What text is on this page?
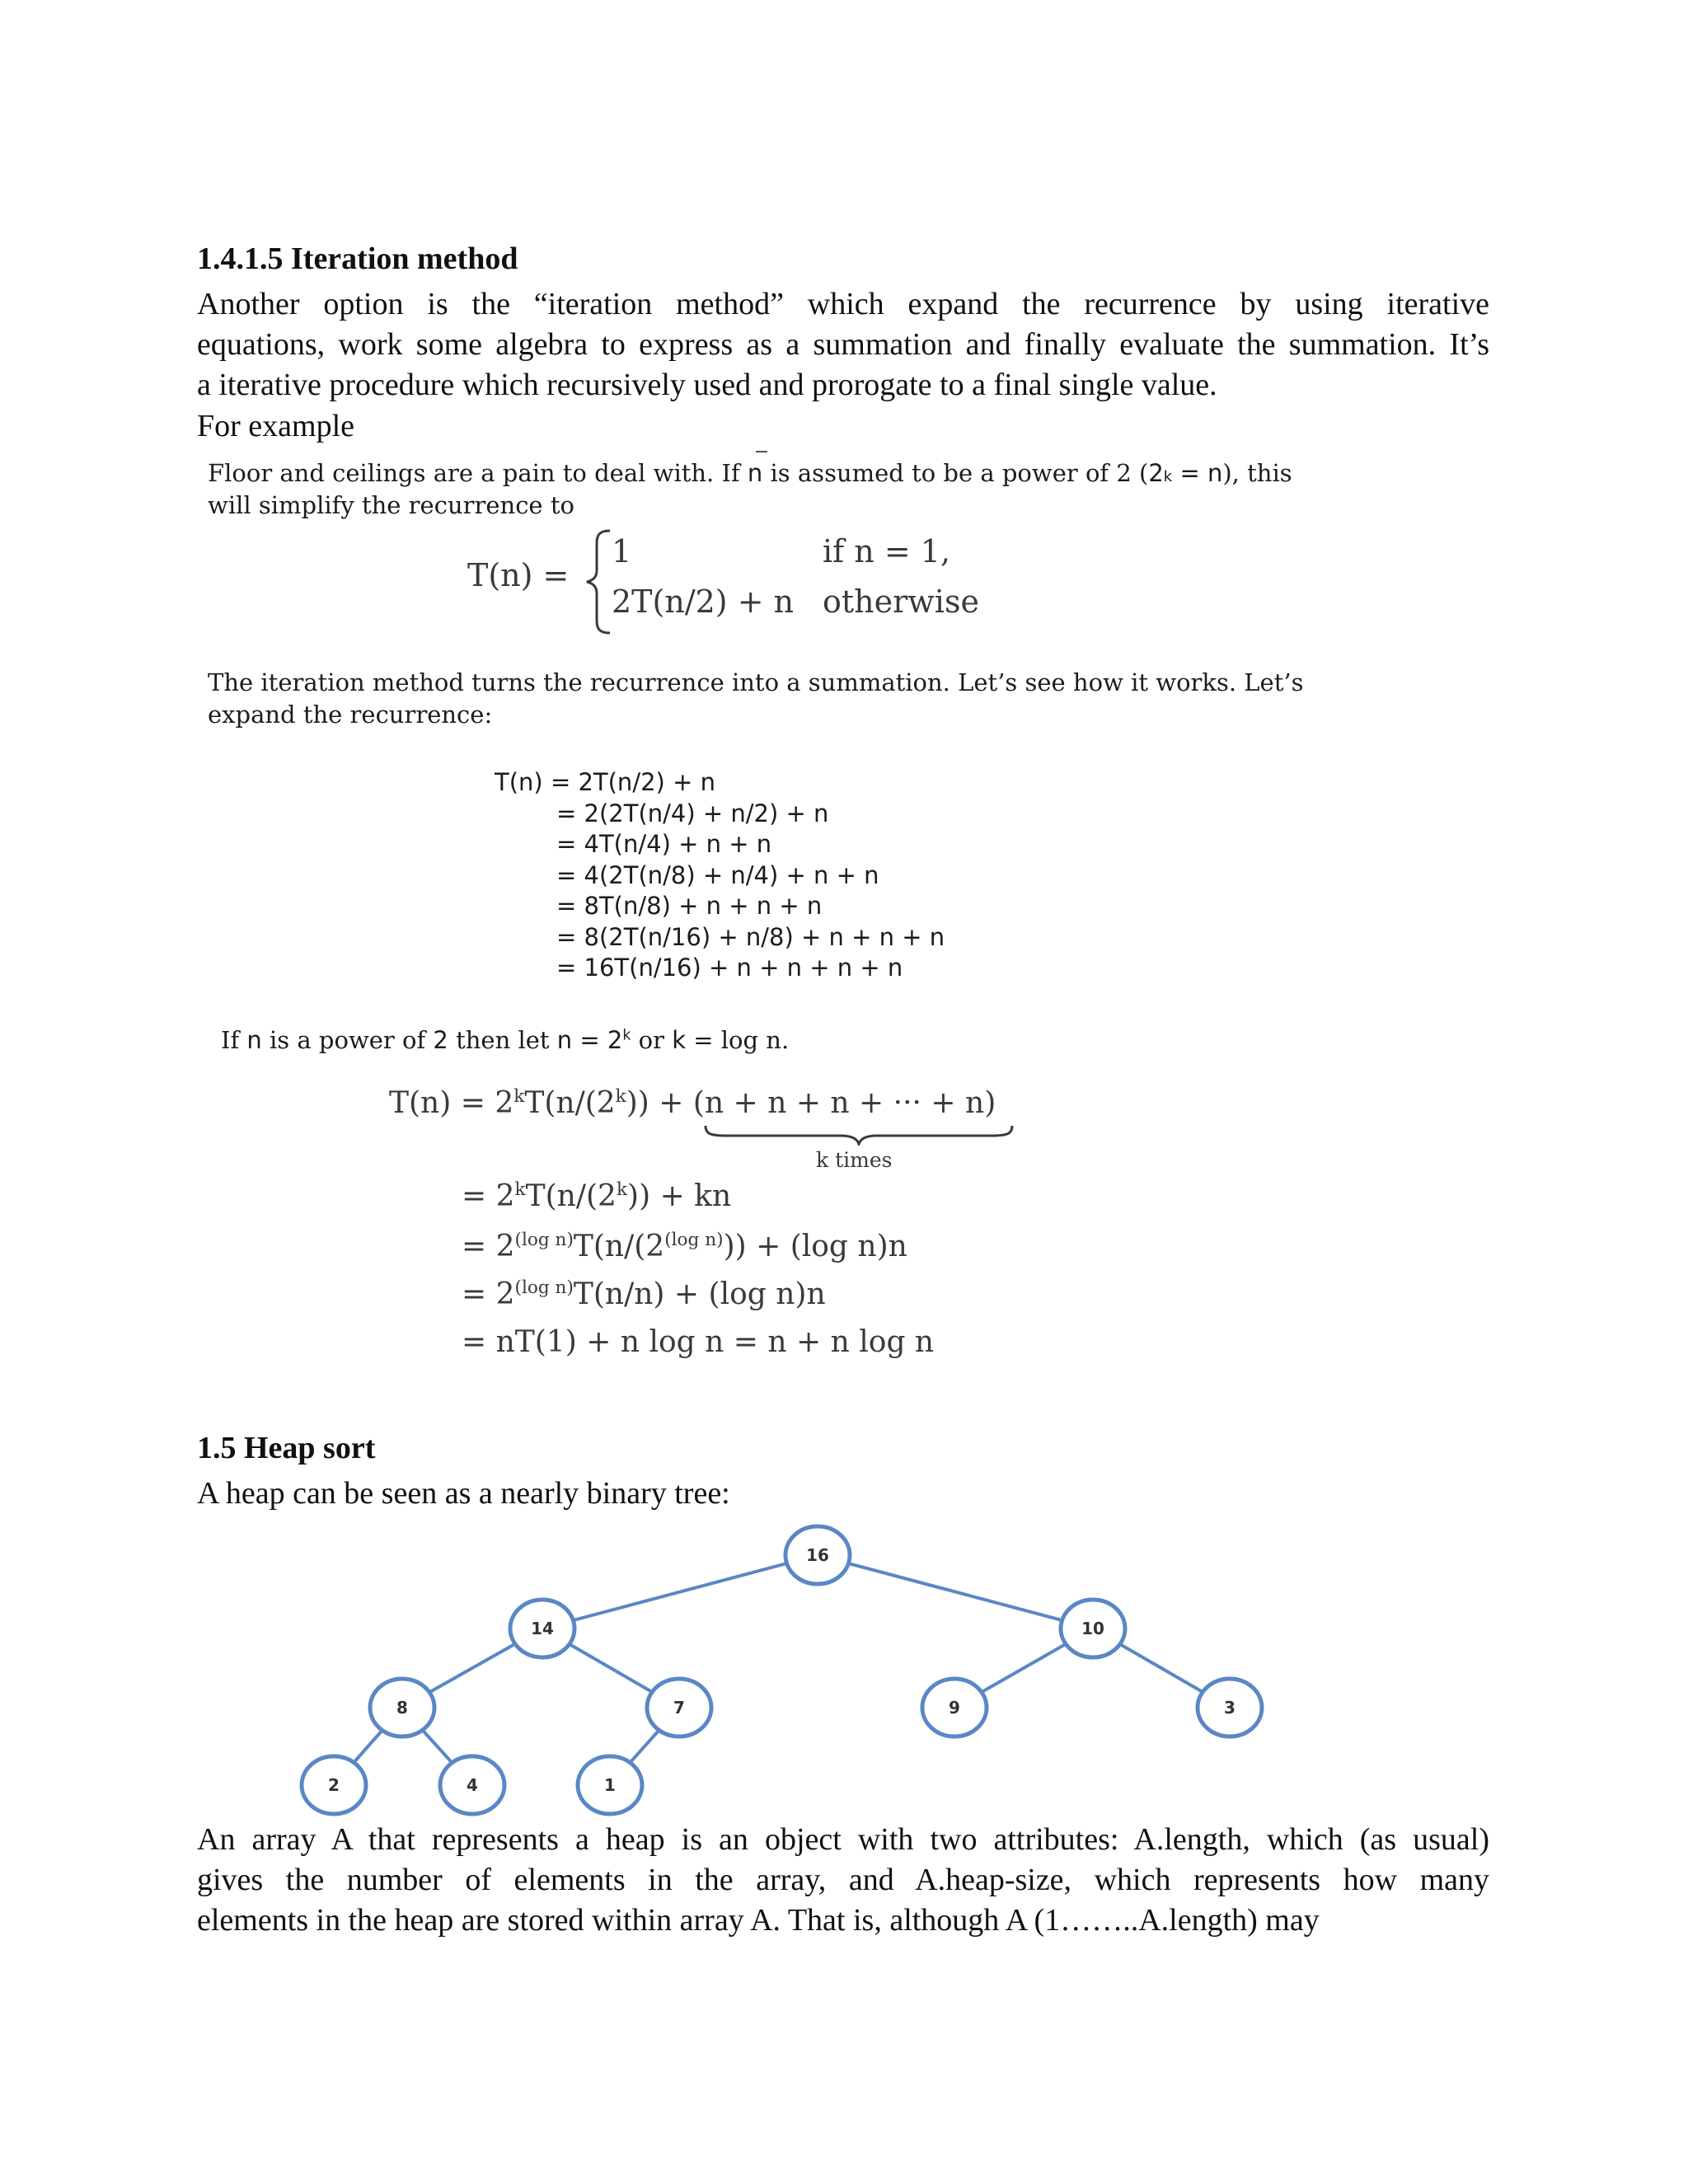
1.4.1.5 Iteration method
Another option is the “iteration method” which expand the recurrence by using iterative
equations, work some algebra to express as a summation and finally evaluate the summation. It’s
a iterative procedure which recursively used and prorogate to a final single value.
For example
Floor and ceilings are a pain to deal with. If n is assumed to be a power of 2 (2k = n), this
will simplify the recurrence to
T(n) =
1	if n = 1,
2T(n/2) + n otherwise
The iteration method turns the recurrence into a summation. Let’s see how it works. Let’s
expand the recurrence:
T(n) = 2T(n/2) + n
= 2(2T(n/4) + n/2) + n
= 4T(n/4) + n + n
= 4(2T(n/8) + n/4) + n + n
= 8T(n/8) + n + n + n
= 8(2T(n/16) + n/8) + n + n + n
= 16T(n/16) + n + n + n + n
If n is a power of 2 then let $n = 2^k$ or k = log n.
$T(n) = 2^kT(n/(2^k)) + (n + n + n$ + ··· + n)
k times
= $2^kT(n/(2^k))$ + kn
= $2^{(log n)}T(n/(2^{(log n)})) + (\log$ n)n
= $2^{(log n)}T(n/n) + (\log$ n)n
= nT(1) + n log n = n + n log n
1.5 Heap sort
A heap can be seen as a nearly binary tree:
16
14	10
8	7	9	3
2	4	1
An array A that represents a heap is an object with two attributes: A.length, which (as usual)
gives the number of elements in the array, and A.heap-size, which represents how many
elements in the heap are stored within array A. That is, although A (1……..A.length) may
